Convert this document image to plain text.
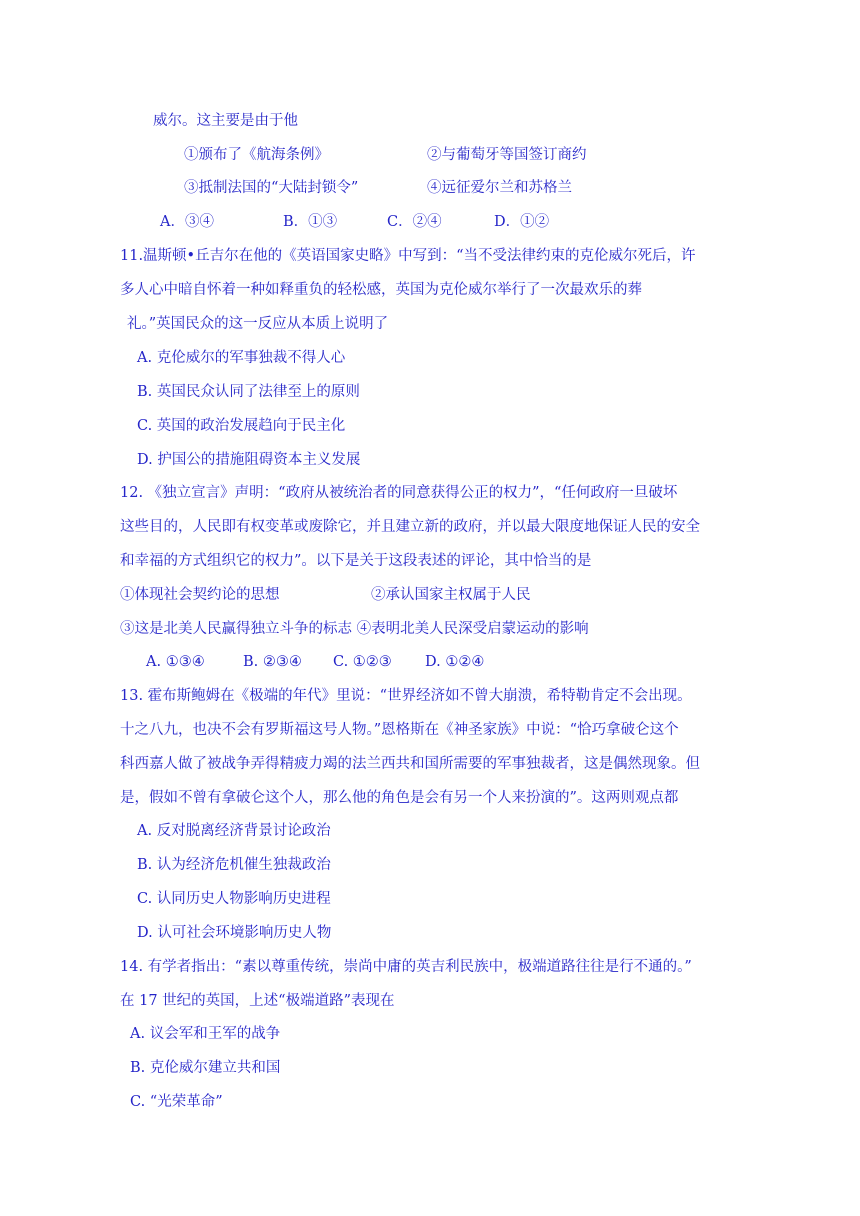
威尔。这主要是由于他
①颁布了《航海条例》	②与葡萄牙等国签订商约
③抵制法国的“大陆封锁令”	④远征爱尔兰和苏格兰
A．③④	B．①③	C．②④	D．①②
11.温斯顿•丘吉尔在他的《英语国家史略》中写到：“当不受法律约束的克伦威尔死后，许
多人心中暗自怀着一种如释重负的轻松感，英国为克伦威尔举行了一次最欢乐的葬
礼。”英国民众的这一反应从本质上说明了
A. 克伦威尔的军事独裁不得人心
B. 英国民众认同了法律至上的原则
C. 英国的政治发展趋向于民主化
D. 护国公的措施阻碍资本主义发展
12. 《独立宣言》声明：“政府从被统治者的同意获得公正的权力”，“任何政府一旦破坏
这些目的，人民即有权变革或废除它，并且建立新的政府，并以最大限度地保证人民的安全
和幸福的方式组织它的权力”。以下是关于这段表述的评论，其中恰当的是
①体现社会契约论的思想	②承认国家主权属于人民
③这是北美人民赢得独立斗争的标志 ④表明北美人民深受启蒙运动的影响
A. ①③④	B. ②③④ C. ①②③ D. ①②④
13. 霍布斯鲍姆在《极端的年代》里说：“世界经济如不曾大崩溃，希特勒肯定不会出现。
十之八九，也决不会有罗斯福这号人物。”恩格斯在《神圣家族》中说：“恰巧拿破仑这个
科西嘉人做了被战争弄得精疲力竭的法兰西共和国所需要的军事独裁者，这是偶然现象。但
是，假如不曾有拿破仑这个人，那么他的角色是会有另一个人来扮演的”。这两则观点都
A. 反对脱离经济背景讨论政治
B. 认为经济危机催生独裁政治
C. 认同历史人物影响历史进程
D. 认可社会环境影响历史人物
14. 有学者指出：“素以尊重传统，崇尚中庸的英吉利民族中，极端道路往往是行不通的。”
在 17 世纪的英国，上述“极端道路”表现在
A. 议会军和王军的战争
B. 克伦威尔建立共和国
C. “光荣革命”
